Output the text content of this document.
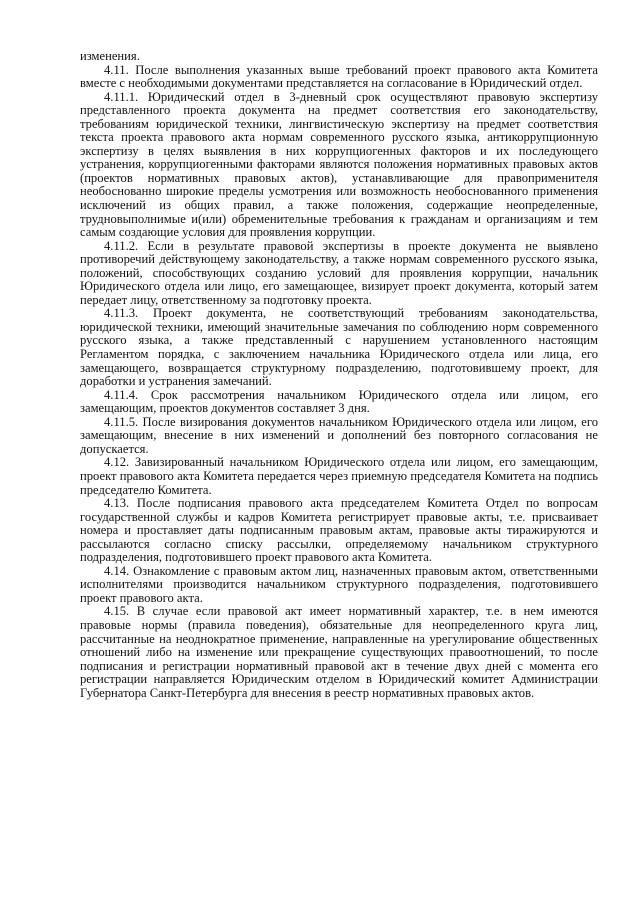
изменения.

4.11. После выполнения указанных выше требований проект правового акта Комитета вместе с необходимыми документами представляется на согласование в Юридический отдел.

4.11.1. Юридический отдел в 3-дневный срок осуществляют правовую экспертизу представленного проекта документа на предмет соответствия его законодательству, требованиям юридической техники, лингвистическую экспертизу на предмет соответствия текста проекта правового акта нормам современного русского языка, антикоррупционную экспертизу в целях выявления в них коррупциогенных факторов и их последующего устранения, коррупциогенными факторами являются положения нормативных правовых актов (проектов нормативных правовых актов), устанавливающие для правоприменителя необоснованно широкие пределы усмотрения или возможность необоснованного применения исключений из общих правил, а также положения, содержащие неопределенные, трудновыполнимые и(или) обременительные требования к гражданам и организациям и тем самым создающие условия для проявления коррупции.

4.11.2. Если в результате правовой экспертизы в проекте документа не выявлено противоречий действующему законодательству, а также нормам современного русского языка, положений, способствующих созданию условий для проявления коррупции, начальник Юридического отдела или лицо, его замещающее, визирует проект документа, который затем передает лицу, ответственному за подготовку проекта.

4.11.3. Проект документа, не соответствующий требованиям законодательства, юридической техники, имеющий значительные замечания по соблюдению норм современного русского языка, а также представленный с нарушением установленного настоящим Регламентом порядка, с заключением начальника Юридического отдела или лица, его замещающего, возвращается структурному подразделению, подготовившему проект, для доработки и устранения замечаний.

4.11.4. Срок рассмотрения начальником Юридического отдела или лицом, его замещающим, проектов документов составляет 3 дня.

4.11.5. После визирования документов начальником Юридического отдела или лицом, его замещающим, внесение в них изменений и дополнений без повторного согласования не допускается.

4.12. Завизированный начальником Юридического отдела или лицом, его замещающим, проект правового акта Комитета передается через приемную председателя Комитета на подпись председателю Комитета.

4.13. После подписания правового акта председателем Комитета Отдел по вопросам государственной службы и кадров Комитета регистрирует правовые акты, т.е. присваивает номера и проставляет даты подписанным правовым актам, правовые акты тиражируются и рассылаются согласно списку рассылки, определяемому начальником структурного подразделения, подготовившего проект правового акта Комитета.

4.14. Ознакомление с правовым актом лиц, назначенных правовым актом, ответственными исполнителями производится начальником структурного подразделения, подготовившего проект правового акта.

4.15. В случае если правовой акт имеет нормативный характер, т.е. в нем имеются правовые нормы (правила поведения), обязательные для неопределенного круга лиц, рассчитанные на неоднократное применение, направленные на урегулирование общественных отношений либо на изменение или прекращение существующих правоотношений, то после подписания и регистрации нормативный правовой акт в течение двух дней с момента его регистрации направляется Юридическим отделом в Юридический комитет Администрации Губернатора Санкт-Петербурга для внесения в реестр нормативных правовых актов.
